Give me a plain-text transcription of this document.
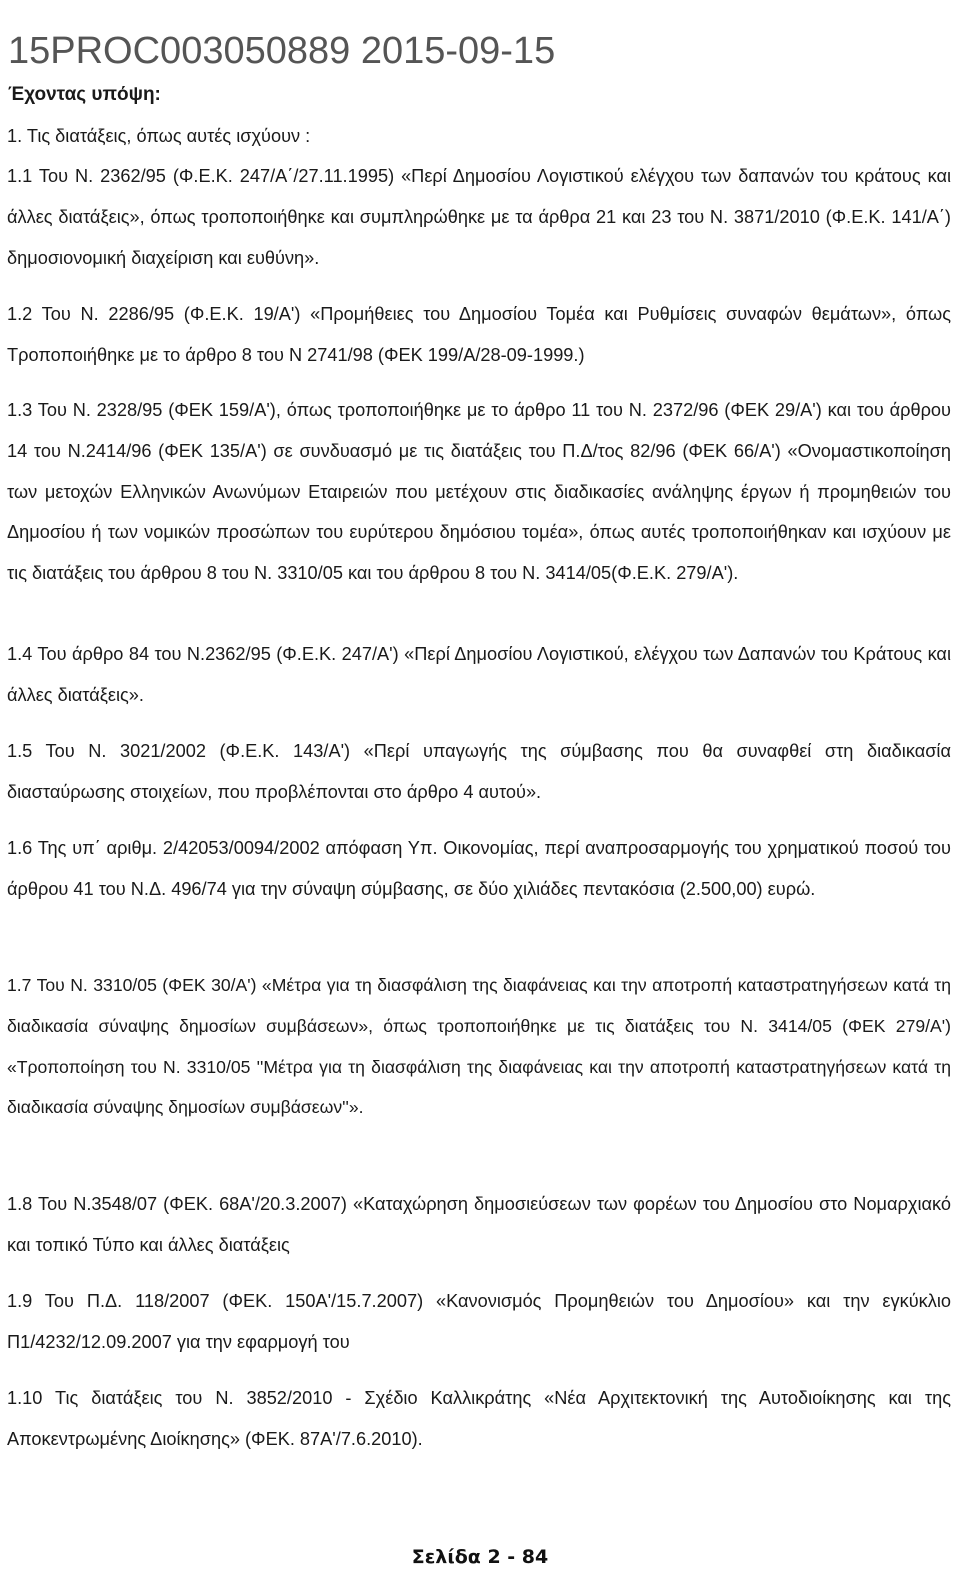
15PROC003050889 2015-09-15
Έχοντας υπόψη:
1. Τις διατάξεις, όπως αυτές ισχύουν :
1.1 Του Ν. 2362/95 (Φ.Ε.Κ. 247/Α΄/27.11.1995) «Περί Δημοσίου Λογιστικού ελέγχου των δαπανών του κράτους και άλλες διατάξεις», όπως τροποποιήθηκε και συμπληρώθηκε με τα άρθρα 21 και 23 του Ν. 3871/2010 (Φ.Ε.Κ. 141/Α΄) δημοσιονομική διαχείριση και ευθύνη».
1.2 Του Ν. 2286/95 (Φ.Ε.Κ. 19/Α') «Προμήθειες του Δημοσίου Τομέα και Ρυθμίσεις συναφών θεμάτων», όπως Τροποποιήθηκε με το άρθρο 8 του Ν 2741/98 (ΦΕΚ 199/Α/28-09-1999.)
1.3 Του Ν. 2328/95 (ΦΕΚ 159/Α'), όπως τροποποιήθηκε με το άρθρο 11 του Ν. 2372/96 (ΦΕΚ 29/Α') και του άρθρου 14 του Ν.2414/96 (ΦΕΚ 135/Α') σε συνδυασμό με τις διατάξεις του Π.Δ/τος 82/96 (ΦΕΚ 66/Α') «Ονομαστικοποίηση των μετοχών Ελληνικών Ανωνύμων Εταιρειών που μετέχουν στις διαδικασίες ανάληψης έργων ή προμηθειών του Δημοσίου ή των νομικών προσώπων του ευρύτερου δημόσιου τομέα», όπως αυτές τροποποιήθηκαν και ισχύουν με τις διατάξεις του άρθρου 8 του Ν. 3310/05 και του άρθρου 8 του Ν. 3414/05(Φ.Ε.Κ. 279/Α').
1.4 Του άρθρο 84 του Ν.2362/95 (Φ.Ε.Κ. 247/Α') «Περί Δημοσίου Λογιστικού, ελέγχου των Δαπανών του Κράτους και άλλες διατάξεις».
1.5 Του Ν. 3021/2002 (Φ.Ε.Κ. 143/Α') «Περί υπαγωγής της σύμβασης που θα συναφθεί στη διαδικασία διασταύρωσης στοιχείων, που προβλέπονται στο άρθρο 4 αυτού».
1.6 Της υπ΄ αριθμ. 2/42053/0094/2002 απόφαση Υπ. Οικονομίας, περί αναπροσαρμογής του χρηματικού ποσού του άρθρου 41 του Ν.Δ. 496/74 για την σύναψη σύμβασης, σε δύο χιλιάδες πεντακόσια (2.500,00) ευρώ.
1.7 Του Ν. 3310/05 (ΦΕΚ 30/Α') «Μέτρα για τη διασφάλιση της διαφάνειας και την αποτροπή καταστρατηγήσεων κατά τη διαδικασία σύναψης δημοσίων συμβάσεων», όπως τροποποιήθηκε με τις διατάξεις του Ν. 3414/05 (ΦΕΚ 279/Α') «Τροποποίηση του Ν. 3310/05 ''Μέτρα για τη διασφάλιση της διαφάνειας και την αποτροπή καταστρατηγήσεων κατά τη διαδικασία σύναψης δημοσίων συμβάσεων''».
1.8 Του Ν.3548/07 (ΦΕΚ. 68Α'/20.3.2007) «Καταχώρηση δημοσιεύσεων των φορέων του Δημοσίου στο Νομαρχιακό και τοπικό Τύπο και άλλες διατάξεις
1.9 Του Π.Δ. 118/2007 (ΦΕΚ. 150Α'/15.7.2007) «Κανονισμός Προμηθειών του Δημοσίου» και την εγκύκλιο Π1/4232/12.09.2007 για την εφαρμογή του
1.10 Τις διατάξεις του Ν. 3852/2010 - Σχέδιο Καλλικράτης «Νέα Αρχιτεκτονική της Αυτοδιοίκησης και της Αποκεντρωμένης Διοίκησης» (ΦΕΚ. 87Α'/7.6.2010).
Σελίδα 2 - 84
